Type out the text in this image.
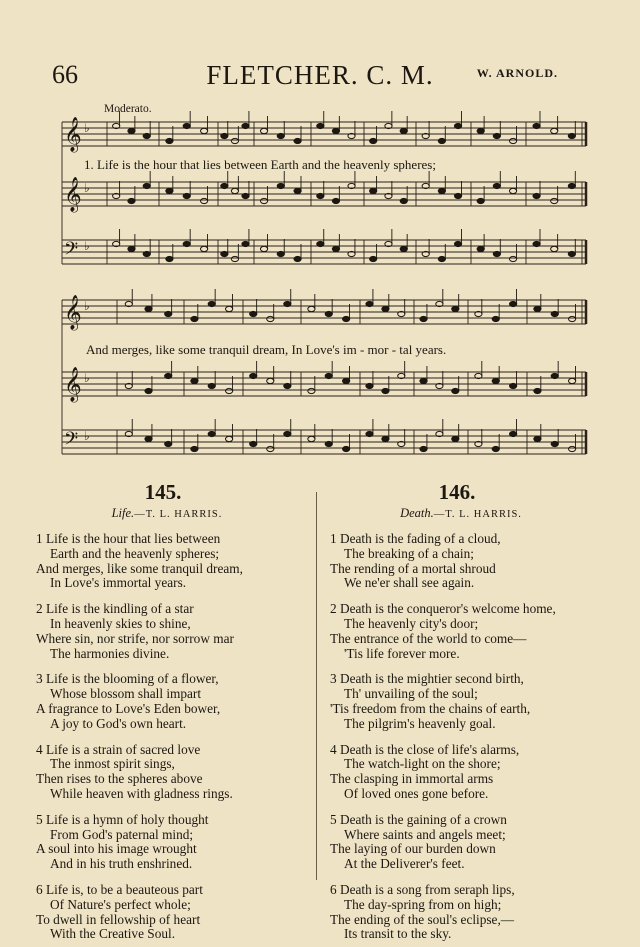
66	FLETCHER. C. M.	W. ARNOLD.
𝄞 ♭
𝄞 ♭
𝄢 ♭
𝄞 ♭
𝄞 ♭
𝄢 ♭
Moderato.
1. Life is the hour that lies between Earth and the heavenly spheres;
And merges, like some tranquil dream, In Love's im - mor - tal years.
145.
Life.—T. L. HARRIS.
1 Life is the hour that lies between
Earth and the heavenly spheres;
And merges, like some tranquil dream,
In Love's immortal years.
2 Life is the kindling of a star
In heavenly skies to shine,
Where sin, nor strife, nor sorrow mar
The harmonies divine.
3 Life is the blooming of a flower,
Whose blossom shall impart
A fragrance to Love's Eden bower,
A joy to God's own heart.
4 Life is a strain of sacred love
The inmost spirit sings,
Then rises to the spheres above
While heaven with gladness rings.
5 Life is a hymn of holy thought
From God's paternal mind;
A soul into his image wrought
And in his truth enshrined.
6 Life is, to be a beauteous part
Of Nature's perfect whole;
To dwell in fellowship of heart
With the Creative Soul.
146.
Death.—T. L. HARRIS.
1 Death is the fading of a cloud,
The breaking of a chain;
The rending of a mortal shroud
We ne'er shall see again.
2 Death is the conqueror's welcome home,
The heavenly city's door;
The entrance of the world to come—
'Tis life forever more.
3 Death is the mightier second birth,
Th' unvailing of the soul;
'Tis freedom from the chains of earth,
The pilgrim's heavenly goal.
4 Death is the close of life's alarms,
The watch-light on the shore;
The clasping in immortal arms
Of loved ones gone before.
5 Death is the gaining of a crown
Where saints and angels meet;
The laying of our burden down
At the Deliverer's feet.
6 Death is a song from seraph lips,
The day-spring from on high;
The ending of the soul's eclipse,—
Its transit to the sky.
